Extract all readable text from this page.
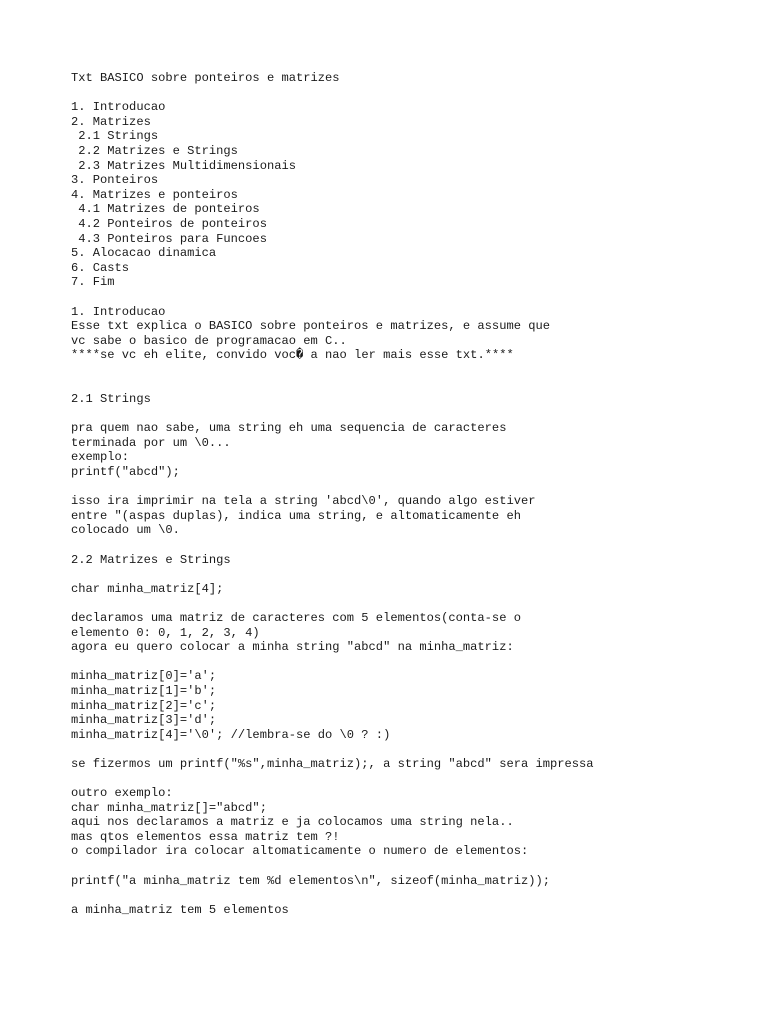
Txt BASICO sobre ponteiros e matrizes
1. Introducao
2. Matrizes
2.1 Strings
2.2 Matrizes e Strings
2.3 Matrizes Multidimensionais
3. Ponteiros
4. Matrizes e ponteiros
4.1 Matrizes de ponteiros
4.2 Ponteiros de ponteiros
4.3 Ponteiros para Funcoes
5. Alocacao dinamica
6. Casts
7. Fim
1. Introducao
Esse txt explica o BASICO sobre ponteiros e matrizes, e assume que
vc sabe o basico de programacao em C..
****se vc eh elite, convido voc� a nao ler mais esse txt.****
2.1 Strings
pra quem nao sabe, uma string eh uma sequencia de caracteres
terminada por um \0...
exemplo:
printf("abcd");
isso ira imprimir na tela a string 'abcd\0', quando algo estiver
entre "(aspas duplas), indica uma string, e altomaticamente eh
colocado um \0.
2.2 Matrizes e Strings
char minha_matriz[4];
declaramos uma matriz de caracteres com 5 elementos(conta-se o
elemento 0: 0, 1, 2, 3, 4)
agora eu quero colocar a minha string "abcd" na minha_matriz:
minha_matriz[0]='a';
minha_matriz[1]='b';
minha_matriz[2]='c';
minha_matriz[3]='d';
minha_matriz[4]='\0'; //lembra-se do \0 ? :)
se fizermos um printf("%s",minha_matriz);, a string "abcd" sera impressa
outro exemplo:
char minha_matriz[]="abcd";
aqui nos declaramos a matriz e ja colocamos uma string nela..
mas qtos elementos essa matriz tem ?!
o compilador ira colocar altomaticamente o numero de elementos:
printf("a minha_matriz tem %d elementos\n", sizeof(minha_matriz));
a minha_matriz tem 5 elementos
